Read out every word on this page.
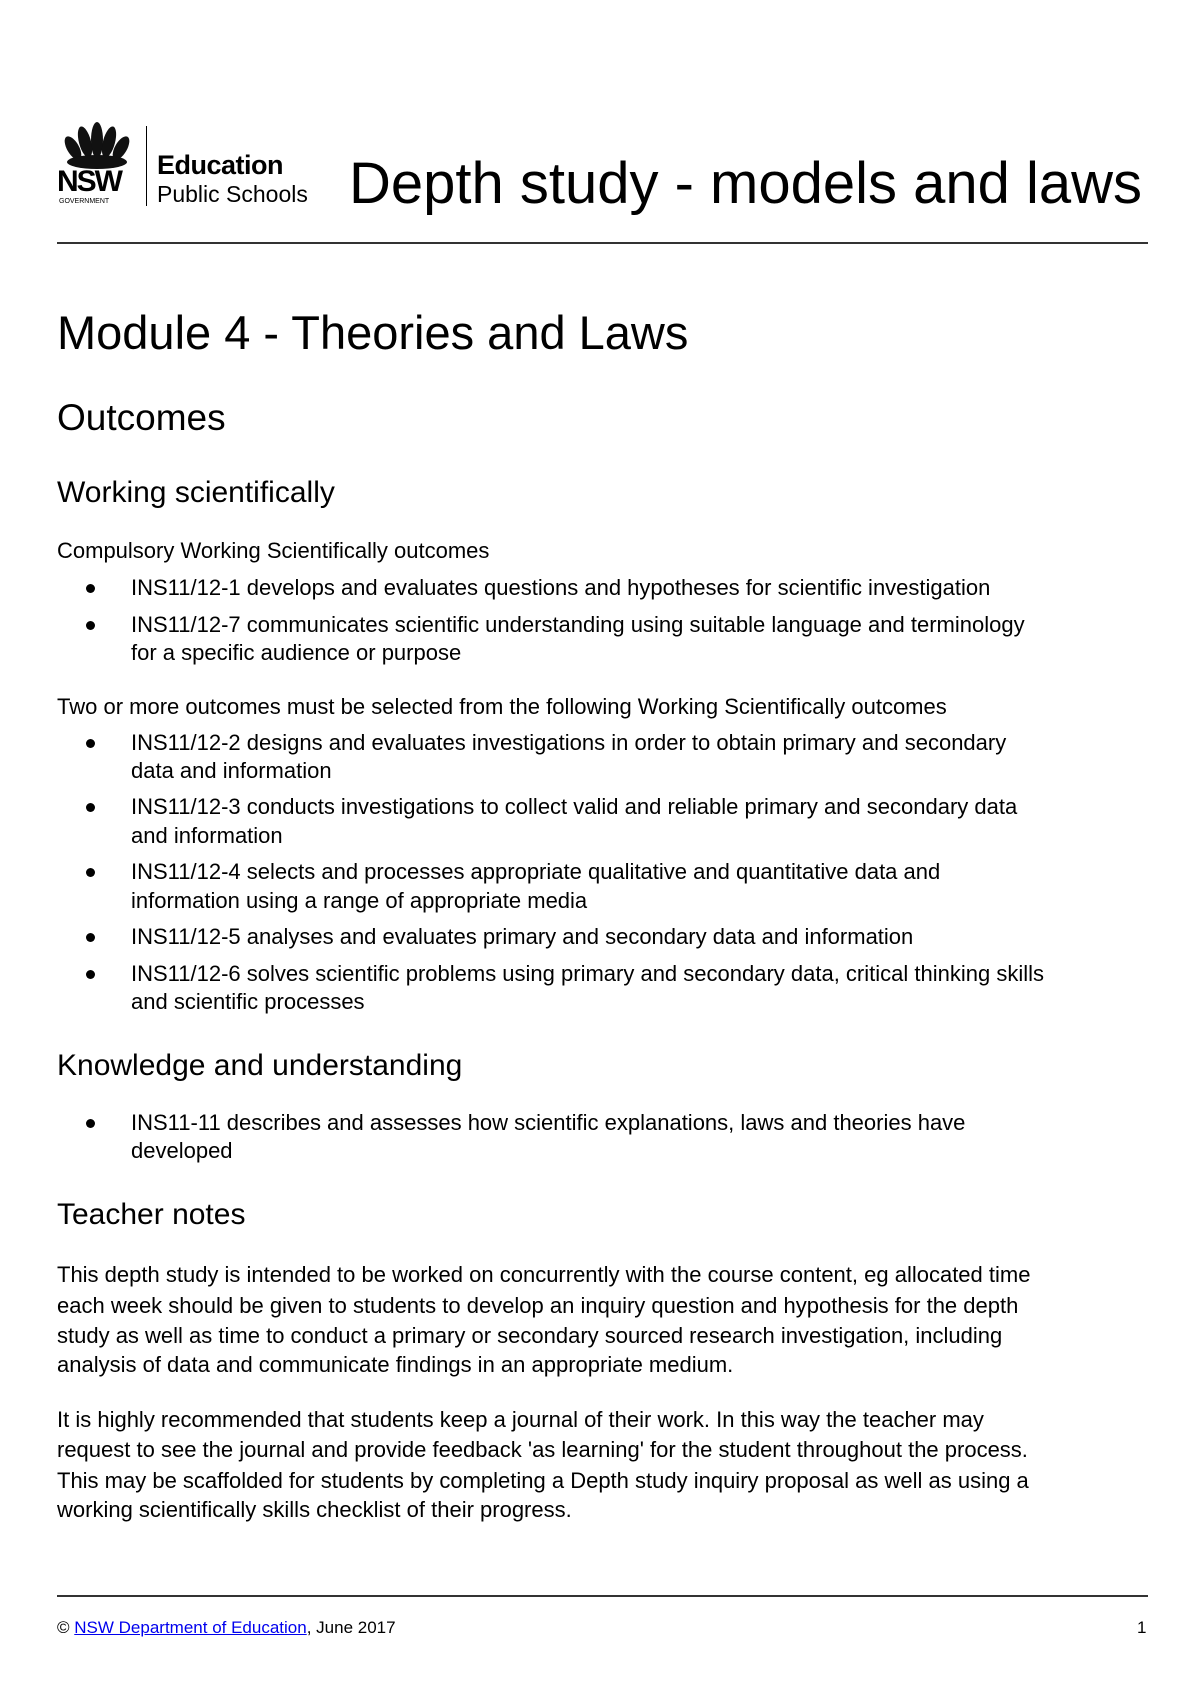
NSW
GOVERNMENT
Education
Public Schools Depth study - models and laws
Module 4 - Theories and Laws
Outcomes
Working scientifically
Compulsory Working Scientifically outcomes
INS11/12-1 develops and evaluates questions and hypotheses for scientific investigation
INS11/12-7 communicates scientific understanding using suitable language and terminology
for a specific audience or purpose
Two or more outcomes must be selected from the following Working Scientifically outcomes
INS11/12-2 designs and evaluates investigations in order to obtain primary and secondary
data and information
INS11/12-3 conducts investigations to collect valid and reliable primary and secondary data
and information
INS11/12-4 selects and processes appropriate qualitative and quantitative data and
information using a range of appropriate media
INS11/12-5 analyses and evaluates primary and secondary data and information
INS11/12-6 solves scientific problems using primary and secondary data, critical thinking skills
and scientific processes
Knowledge and understanding
INS11-11 describes and assesses how scientific explanations, laws and theories have
developed
Teacher notes
This depth study is intended to be worked on concurrently with the course content, eg allocated time
each week should be given to students to develop an inquiry question and hypothesis for the depth
study as well as time to conduct a primary or secondary sourced research investigation, including
analysis of data and communicate findings in an appropriate medium.
It is highly recommended that students keep a journal of their work. In this way the teacher may
request to see the journal and provide feedback 'as learning' for the student throughout the process.
This may be scaffolded for students by completing a Depth study inquiry proposal as well as using a
working scientifically skills checklist of their progress.
© NSW Department of Education, June 2017	1
